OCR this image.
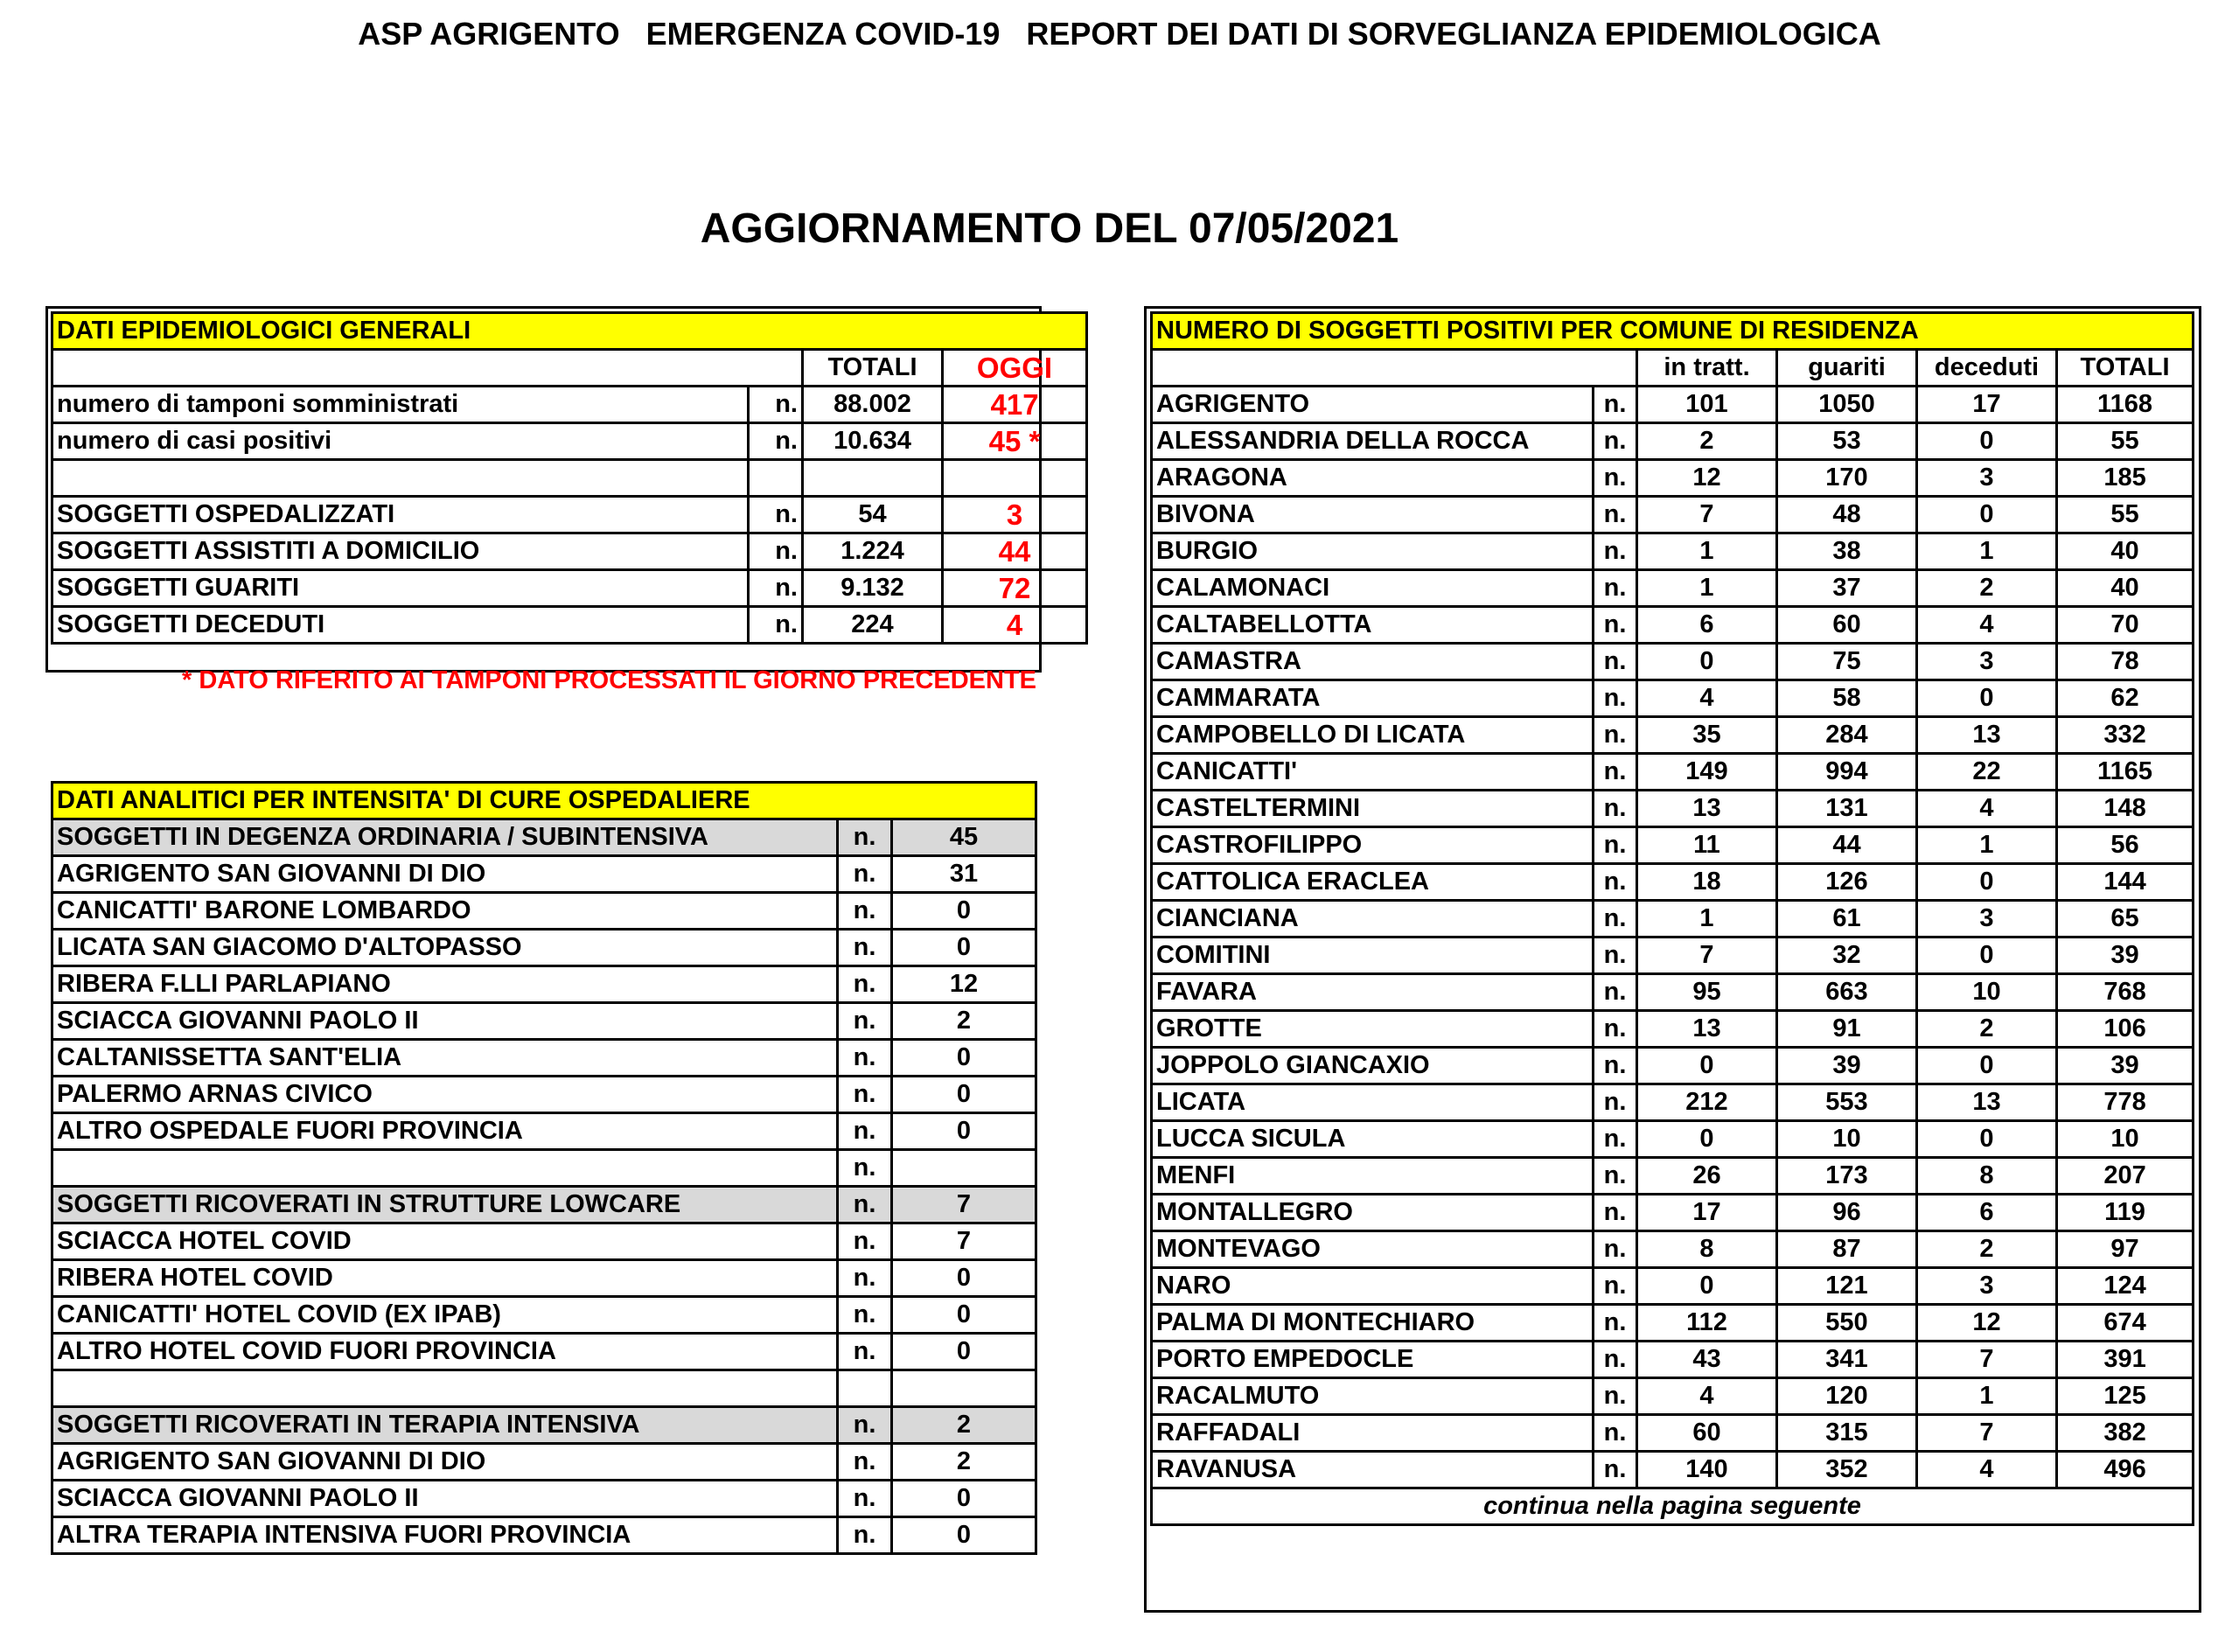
ASP AGRIGENTO   EMERGENZA COVID-19   REPORT DEI DATI DI SORVEGLIANZA EPIDEMIOLOGICA
AGGIORNAMENTO DEL 07/05/2021
DATI EPIDEMIOLOGICI GENERALI			
		TOTALI	OGGI
numero di tamponi somministrati	n.	88.002	417
numero di casi positivi	n.	10.634	45 *

SOGGETTI OSPEDALIZZATI	n.	54	3
SOGGETTI ASSISTITI A DOMICILIO	n.	1.224	44
SOGGETTI GUARITI	n.	9.132	72
SOGGETTI DECEDUTI	n.	224	4
* DATO RIFERITO AI TAMPONI PROCESSATI IL GIORNO PRECEDENTE
DATI ANALITICI PER INTENSITA' DI CURE OSPEDALIERE		
SOGGETTI IN DEGENZA ORDINARIA / SUBINTENSIVA	n.	45
AGRIGENTO SAN GIOVANNI DI DIO	n.	31
CANICATTI' BARONE LOMBARDO	n.	0
LICATA SAN GIACOMO D'ALTOPASSO	n.	0
RIBERA F.LLI PARLAPIANO	n.	12
SCIACCA GIOVANNI PAOLO II	n.	2
CALTANISSETTA SANT'ELIA	n.	0
PALERMO ARNAS CIVICO	n.	0
ALTRO OSPEDALE FUORI PROVINCIA	n.	0
	n.	
SOGGETTI RICOVERATI IN STRUTTURE LOWCARE	n.	7
SCIACCA HOTEL COVID	n.	7
RIBERA HOTEL COVID	n.	0
CANICATTI' HOTEL COVID (EX IPAB)	n.	0
ALTRO HOTEL COVID FUORI PROVINCIA	n.	0

SOGGETTI RICOVERATI IN TERAPIA INTENSIVA	n.	2
AGRIGENTO SAN GIOVANNI DI DIO	n.	2
SCIACCA GIOVANNI PAOLO II	n.	0
ALTRA TERAPIA INTENSIVA FUORI PROVINCIA	n.	0
NUMERO DI SOGGETTI POSITIVI PER COMUNE DI RESIDENZA					
		in tratt.	guariti	deceduti	TOTALI
AGRIGENTO	n.	101	1050	17	1168
ALESSANDRIA DELLA ROCCA	n.	2	53	0	55
ARAGONA	n.	12	170	3	185
BIVONA	n.	7	48	0	55
BURGIO	n.	1	38	1	40
CALAMONACI	n.	1	37	2	40
CALTABELLOTTA	n.	6	60	4	70
CAMASTRA	n.	0	75	3	78
CAMMARATA	n.	4	58	0	62
CAMPOBELLO DI LICATA	n.	35	284	13	332
CANICATTI'	n.	149	994	22	1165
CASTELTERMINI	n.	13	131	4	148
CASTROFILIPPO	n.	11	44	1	56
CATTOLICA ERACLEA	n.	18	126	0	144
CIANCIANA	n.	1	61	3	65
COMITINI	n.	7	32	0	39
FAVARA	n.	95	663	10	768
GROTTE	n.	13	91	2	106
JOPPOLO GIANCAXIO	n.	0	39	0	39
LICATA	n.	212	553	13	778
LUCCA SICULA	n.	0	10	0	10
MENFI	n.	26	173	8	207
MONTALLEGRO	n.	17	96	6	119
MONTEVAGO	n.	8	87	2	97
NARO	n.	0	121	3	124
PALMA DI MONTECHIARO	n.	112	550	12	674
PORTO EMPEDOCLE	n.	43	341	7	391
RACALMUTO	n.	4	120	1	125
RAFFADALI	n.	60	315	7	382
RAVANUSA	n.	140	352	4	496
continua nella pagina seguente					
